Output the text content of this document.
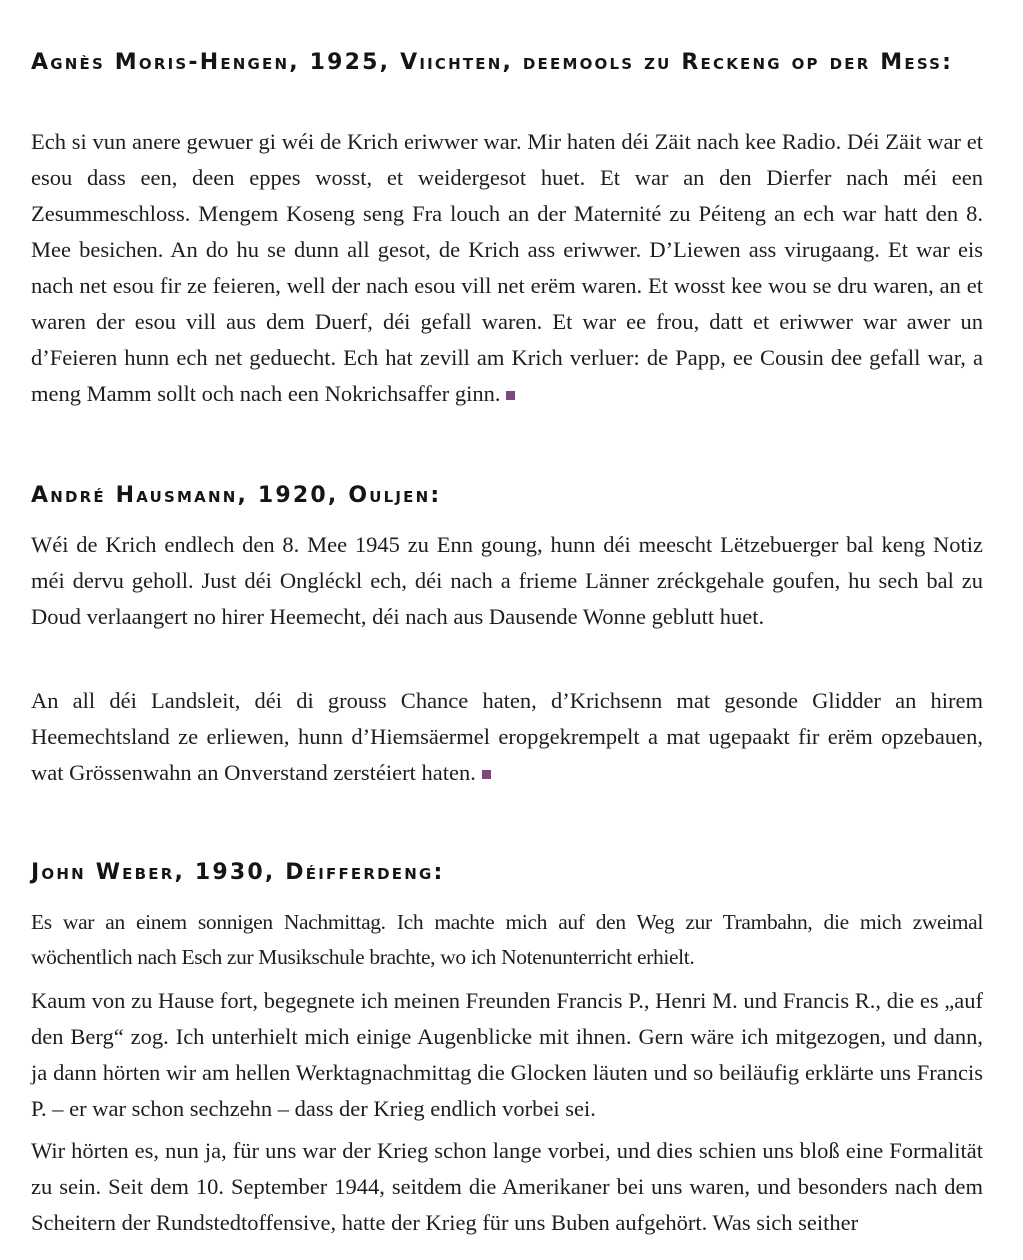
Agnès Moris-Hengen, 1925, Viichten, deemools zu Reckeng op der Mess:

Ech si vun anere gewuer gi wéi de Krich eriwwer war. Mir haten déi Zäit nach kee Radio. Déi Zäit war et esou dass een, deen eppes wosst, et weidergesot huet. Et war an den Dierfer nach méi een Zesummeschloss. Mengem Koseng seng Fra louch an der Maternité zu Péiteng an ech war hatt den 8. Mee besichen. An do hu se dunn all gesot, de Krich ass eriwwer. D’Liewen ass virugaang. Et war eis nach net esou fir ze feieren, well der nach esou vill net erëm waren. Et wosst kee wou se dru waren, an et waren der esou vill aus dem Duerf, déi gefall waren. Et war ee frou, datt et eriwwer war awer un d’Feieren hunn ech net geduecht. Ech hat zevill am Krich verluer: de Papp, ee Cousin dee gefall war, a meng Mamm sollt och nach een Nokrichsaffer ginn.

André Hausmann, 1920, Ouljen:

Wéi de Krich endlech den 8. Mee 1945 zu Enn goung, hunn déi meescht Lëtzebuerger bal keng Notiz méi dervu geholl. Just déi Ongléckl ech, déi nach a frieme Länner zréckgehale goufen, hu sech bal zu Doud verlaangert no hirer Heemecht, déi nach aus Dausende Wonne geblutt huet.

An all déi Landsleit, déi di grouss Chance haten, d’Krichsenn mat gesonde Glidder an hirem Heemechtsland ze erliewen, hunn d’Hiemsäermel eropgekrempelt a mat ugepaakt fir erëm opzebauen, wat Grössenwahn an Onverstand zerstéiert haten.

John Weber, 1930, Déifferdeng:

Es war an einem sonnigen Nachmittag. Ich machte mich auf den Weg zur Trambahn, die mich zweimal wöchentlich nach Esch zur Musikschule brachte, wo ich Notenunterricht erhielt.

Kaum von zu Hause fort, begegnete ich meinen Freunden Francis P., Henri M. und Francis R., die es „auf den Berg“ zog. Ich unterhielt mich einige Augenblicke mit ihnen. Gern wäre ich mitgezogen, und dann, ja dann hörten wir am hellen Werktagnachmittag die Glocken läuten und so beiläufig erklärte uns Francis P. – er war schon sechzehn – dass der Krieg endlich vorbei sei.

Wir hörten es, nun ja, für uns war der Krieg schon lange vorbei, und dies schien uns bloß eine Formalität zu sein. Seit dem 10. September 1944, seitdem die Amerikaner bei uns waren, und besonders nach dem Scheitern der Rundstedtoffensive, hatte der Krieg für uns Buben aufgehört. Was sich seither
